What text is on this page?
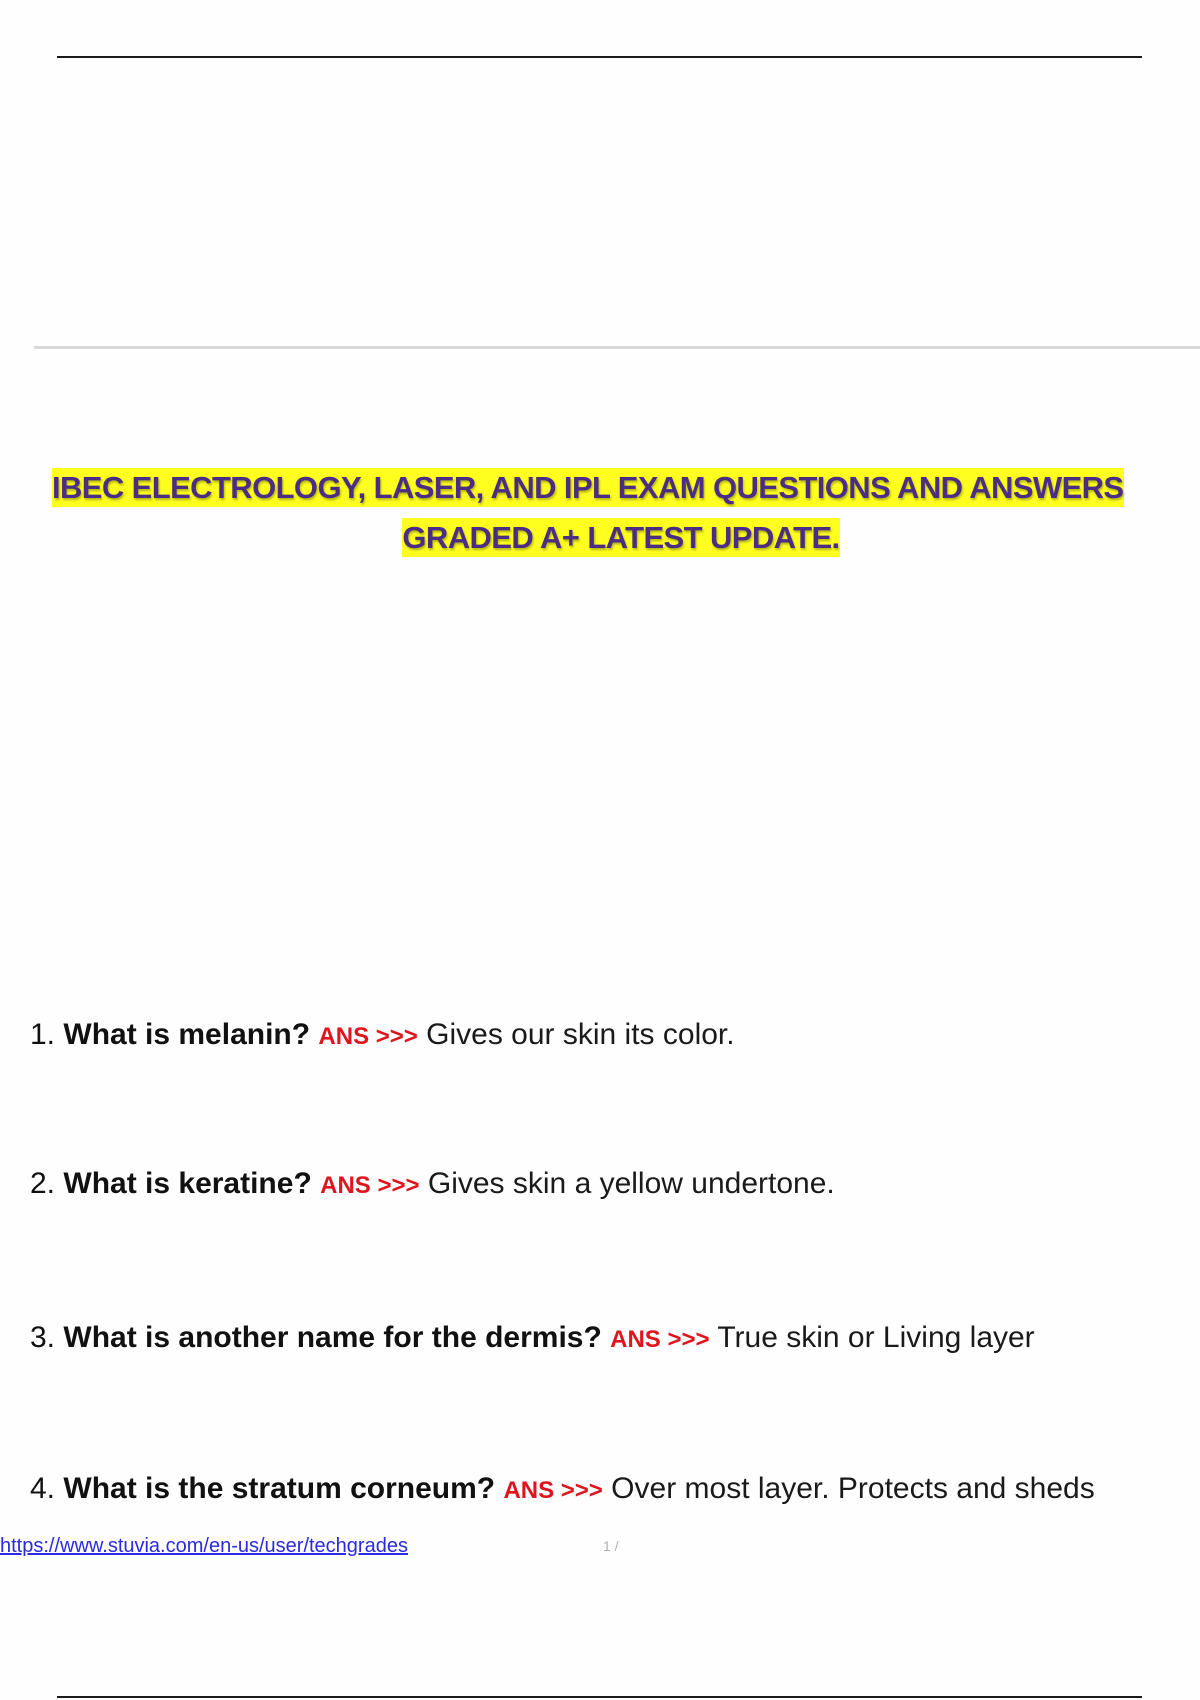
IBEC ELECTROLOGY, LASER, AND IPL EXAM QUESTIONS AND ANSWERS
GRADED A+ LATEST UPDATE.
1. What is melanin? ANS >>> Gives our skin its color.
2. What is keratine? ANS >>> Gives skin a yellow undertone.
3. What is another name for the dermis? ANS >>> True skin or Living layer
4. What is the stratum corneum? ANS >>> Over most layer. Protects and sheds
https://www.stuvia.com/en-us/user/techgrades	1 /
